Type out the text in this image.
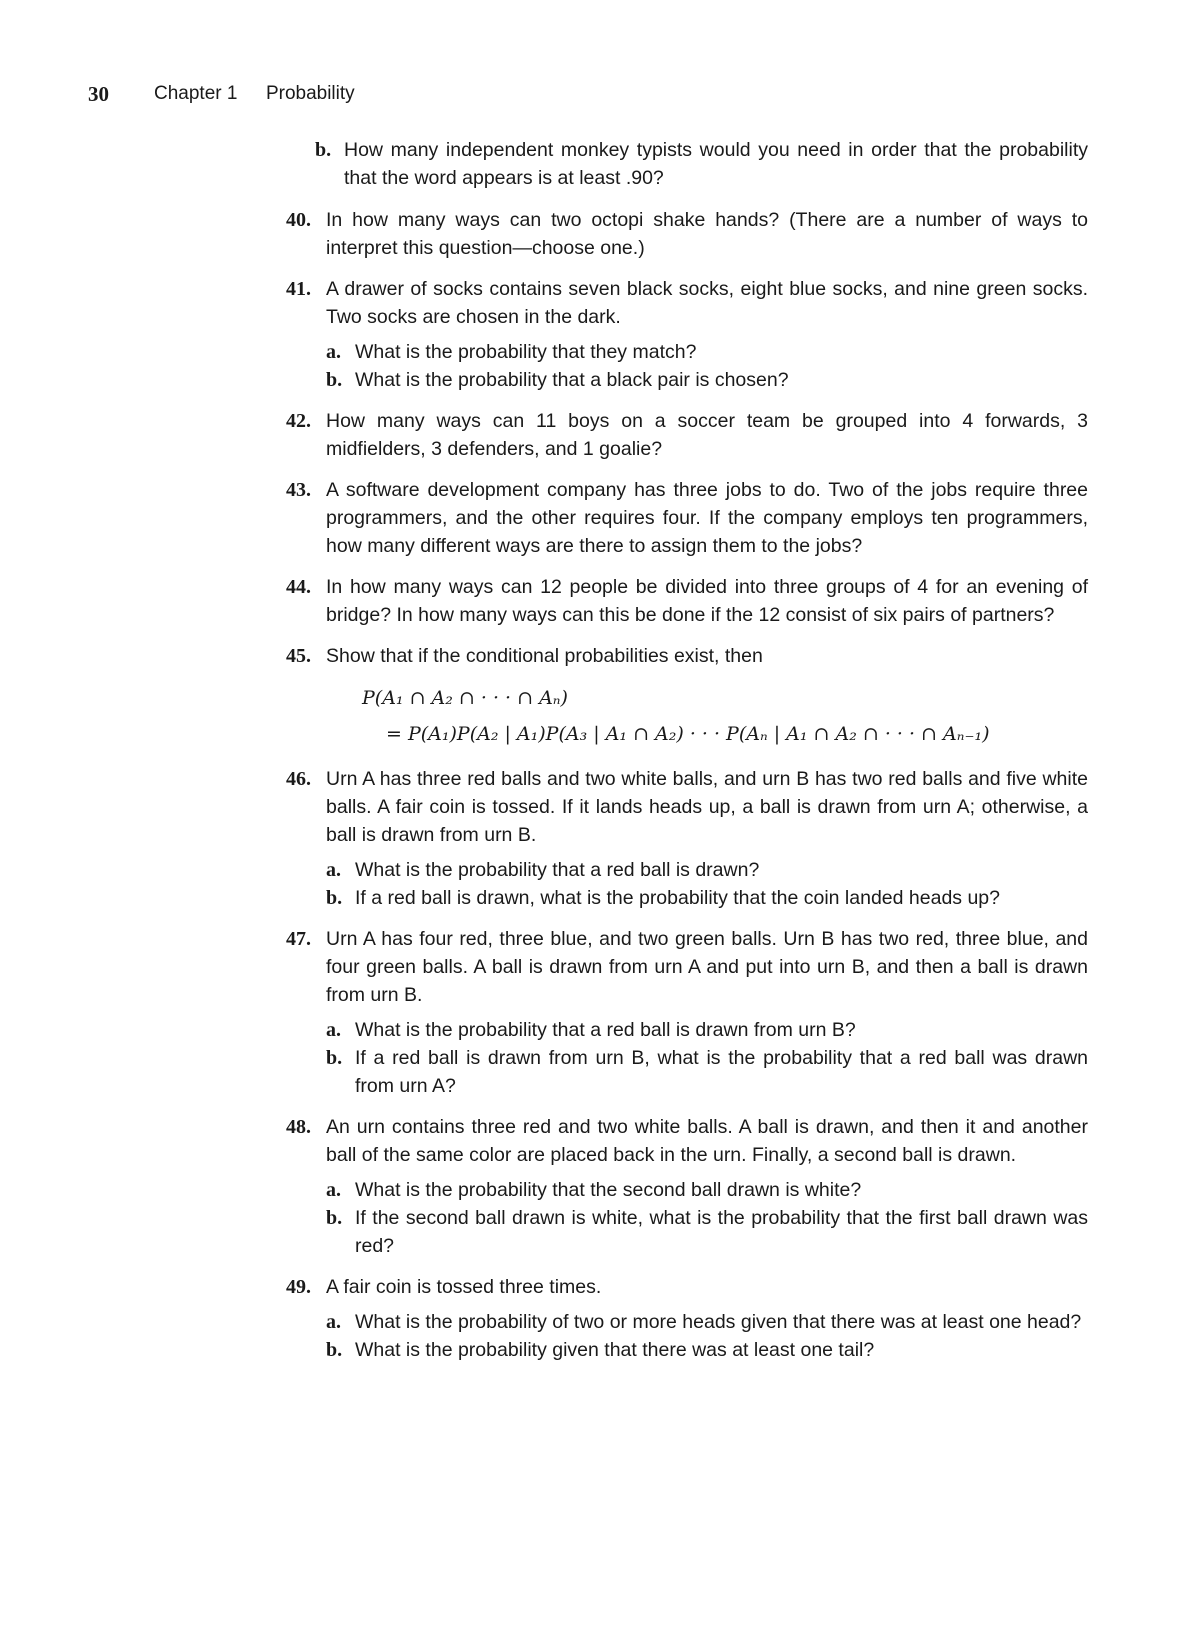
30 Chapter 1  Probability
b. How many independent monkey typists would you need in order that the probability that the word appears is at least .90?
40. In how many ways can two octopi shake hands? (There are a number of ways to interpret this question—choose one.)
41. A drawer of socks contains seven black socks, eight blue socks, and nine green socks. Two socks are chosen in the dark.
a. What is the probability that they match?
b. What is the probability that a black pair is chosen?
42. How many ways can 11 boys on a soccer team be grouped into 4 forwards, 3 midfielders, 3 defenders, and 1 goalie?
43. A software development company has three jobs to do. Two of the jobs require three programmers, and the other requires four. If the company employs ten programmers, how many different ways are there to assign them to the jobs?
44. In how many ways can 12 people be divided into three groups of 4 for an evening of bridge? In how many ways can this be done if the 12 consist of six pairs of partners?
45. Show that if the conditional probabilities exist, then
P(A₁ ∩ A₂ ∩ · · · ∩ Aₙ)
= P(A₁)P(A₂ | A₁)P(A₃ | A₁ ∩ A₂) · · · P(Aₙ | A₁ ∩ A₂ ∩ · · · ∩ Aₙ₋₁)
46. Urn A has three red balls and two white balls, and urn B has two red balls and five white balls. A fair coin is tossed. If it lands heads up, a ball is drawn from urn A; otherwise, a ball is drawn from urn B.
a. What is the probability that a red ball is drawn?
b. If a red ball is drawn, what is the probability that the coin landed heads up?
47. Urn A has four red, three blue, and two green balls. Urn B has two red, three blue, and four green balls. A ball is drawn from urn A and put into urn B, and then a ball is drawn from urn B.
a. What is the probability that a red ball is drawn from urn B?
b. If a red ball is drawn from urn B, what is the probability that a red ball was drawn from urn A?
48. An urn contains three red and two white balls. A ball is drawn, and then it and another ball of the same color are placed back in the urn. Finally, a second ball is drawn.
a. What is the probability that the second ball drawn is white?
b. If the second ball drawn is white, what is the probability that the first ball drawn was red?
49. A fair coin is tossed three times.
a. What is the probability of two or more heads given that there was at least one head?
b. What is the probability given that there was at least one tail?
